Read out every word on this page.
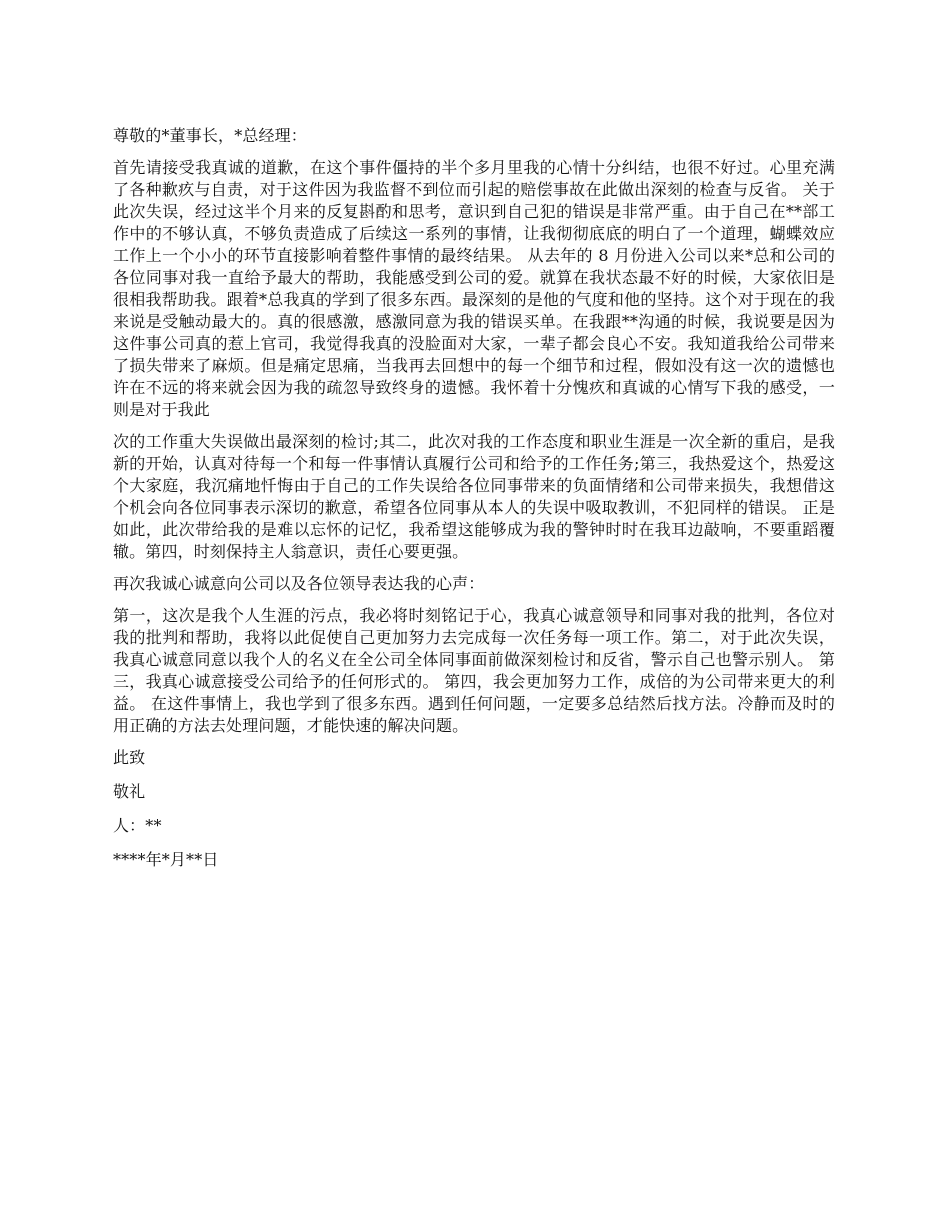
尊敬的*董事长，*总经理：

首先请接受我真诚的道歉，在这个事件僵持的半个多月里我的心情十分纠结，也很不好过。心里充满了各种歉疚与自责，对于这件因为我监督不到位而引起的赔偿事故在此做出深刻的检查与反省。 关于此次失误，经过这半个月来的反复斟酌和思考，意识到自己犯的错误是非常严重。由于自己在**部工作中的不够认真，不够负责造成了后续这一系列的事情，让我彻彻底底的明白了一个道理，蝴蝶效应工作上一个小小的环节直接影响着整件事情的最终结果。 从去年的 8 月份进入公司以来*总和公司的各位同事对我一直给予最大的帮助，我能感受到公司的爱。就算在我状态最不好的时候，大家依旧是很相我帮助我。跟着*总我真的学到了很多东西。最深刻的是他的气度和他的坚持。这个对于现在的我来说是受触动最大的。真的很感激，感激同意为我的错误买单。在我跟**沟通的时候，我说要是因为这件事公司真的惹上官司，我觉得我真的没脸面对大家，一辈子都会良心不安。我知道我给公司带来了损失带来了麻烦。但是痛定思痛，当我再去回想中的每一个细节和过程，假如没有这一次的遗憾也许在不远的将来就会因为我的疏忽导致终身的遗憾。我怀着十分愧疚和真诚的心情写下我的感受，一则是对于我此

次的工作重大失误做出最深刻的检讨;其二，此次对我的工作态度和职业生涯是一次全新的重启，是我新的开始，认真对待每一个和每一件事情认真履行公司和给予的工作任务;第三，我热爱这个，热爱这个大家庭，我沉痛地忏悔由于自己的工作失误给各位同事带来的负面情绪和公司带来损失，我想借这个机会向各位同事表示深切的歉意，希望各位同事从本人的失误中吸取教训，不犯同样的错误。 正是如此，此次带给我的是难以忘怀的记忆，我希望这能够成为我的警钟时时在我耳边敲响，不要重蹈覆辙。第四，时刻保持主人翁意识，责任心要更强。

再次我诚心诚意向公司以及各位领导表达我的心声：

第一，这次是我个人生涯的污点，我必将时刻铭记于心，我真心诚意领导和同事对我的批判，各位对我的批判和帮助，我将以此促使自己更加努力去完成每一次任务每一项工作。第二，对于此次失误，我真心诚意同意以我个人的名义在全公司全体同事面前做深刻检讨和反省，警示自己也警示别人。 第三，我真心诚意接受公司给予的任何形式的。 第四，我会更加努力工作，成倍的为公司带来更大的利益。 在这件事情上，我也学到了很多东西。遇到任何问题，一定要多总结然后找方法。冷静而及时的用正确的方法去处理问题，才能快速的解决问题。

此致

敬礼

人：**

****年*月**日
